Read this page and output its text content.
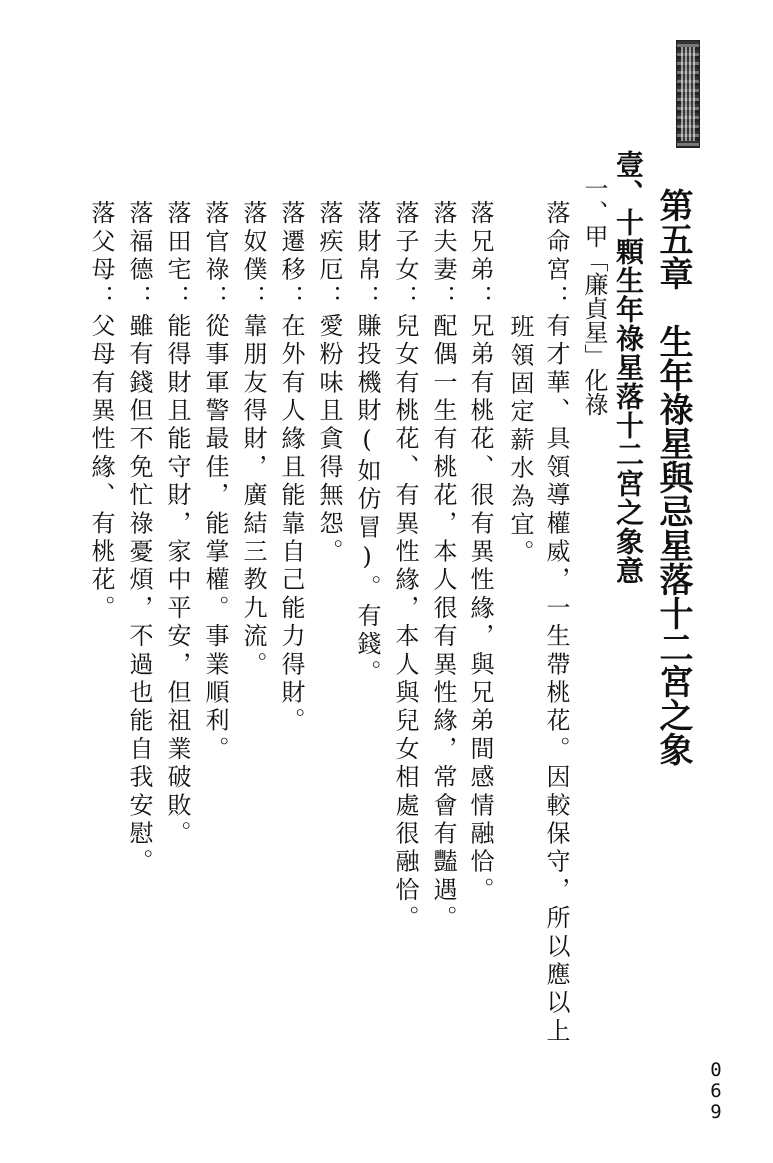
第五章　生年祿星與忌星落十二宮之象
壹、十顆生年祿星落十二宮之象意
一、甲「廉貞星」化祿
落命宮：有才華、具領導權威，一生帶桃花。因較保守，所以應以上
班領固定薪水為宜。
落兄弟：兄弟有桃花、很有異性緣，與兄弟間感情融恰。
落夫妻：配偶一生有桃花，本人很有異性緣，常會有豔遇。
落子女：兒女有桃花、有異性緣，本人與兒女相處很融恰。
落財帛：賺投機財(如仿冒)。有錢。
落疾厄：愛粉味且貪得無怨。
落遷移：在外有人緣且能靠自己能力得財。
落奴僕：靠朋友得財，廣結三教九流。
落官祿：從事軍警最佳，能掌權。事業順利。
落田宅：能得財且能守財，家中平安，但祖業破敗。
落福德：雖有錢但不免忙祿憂煩，不過也能自我安慰。
落父母：父母有異性緣、有桃花。
0
6
9
